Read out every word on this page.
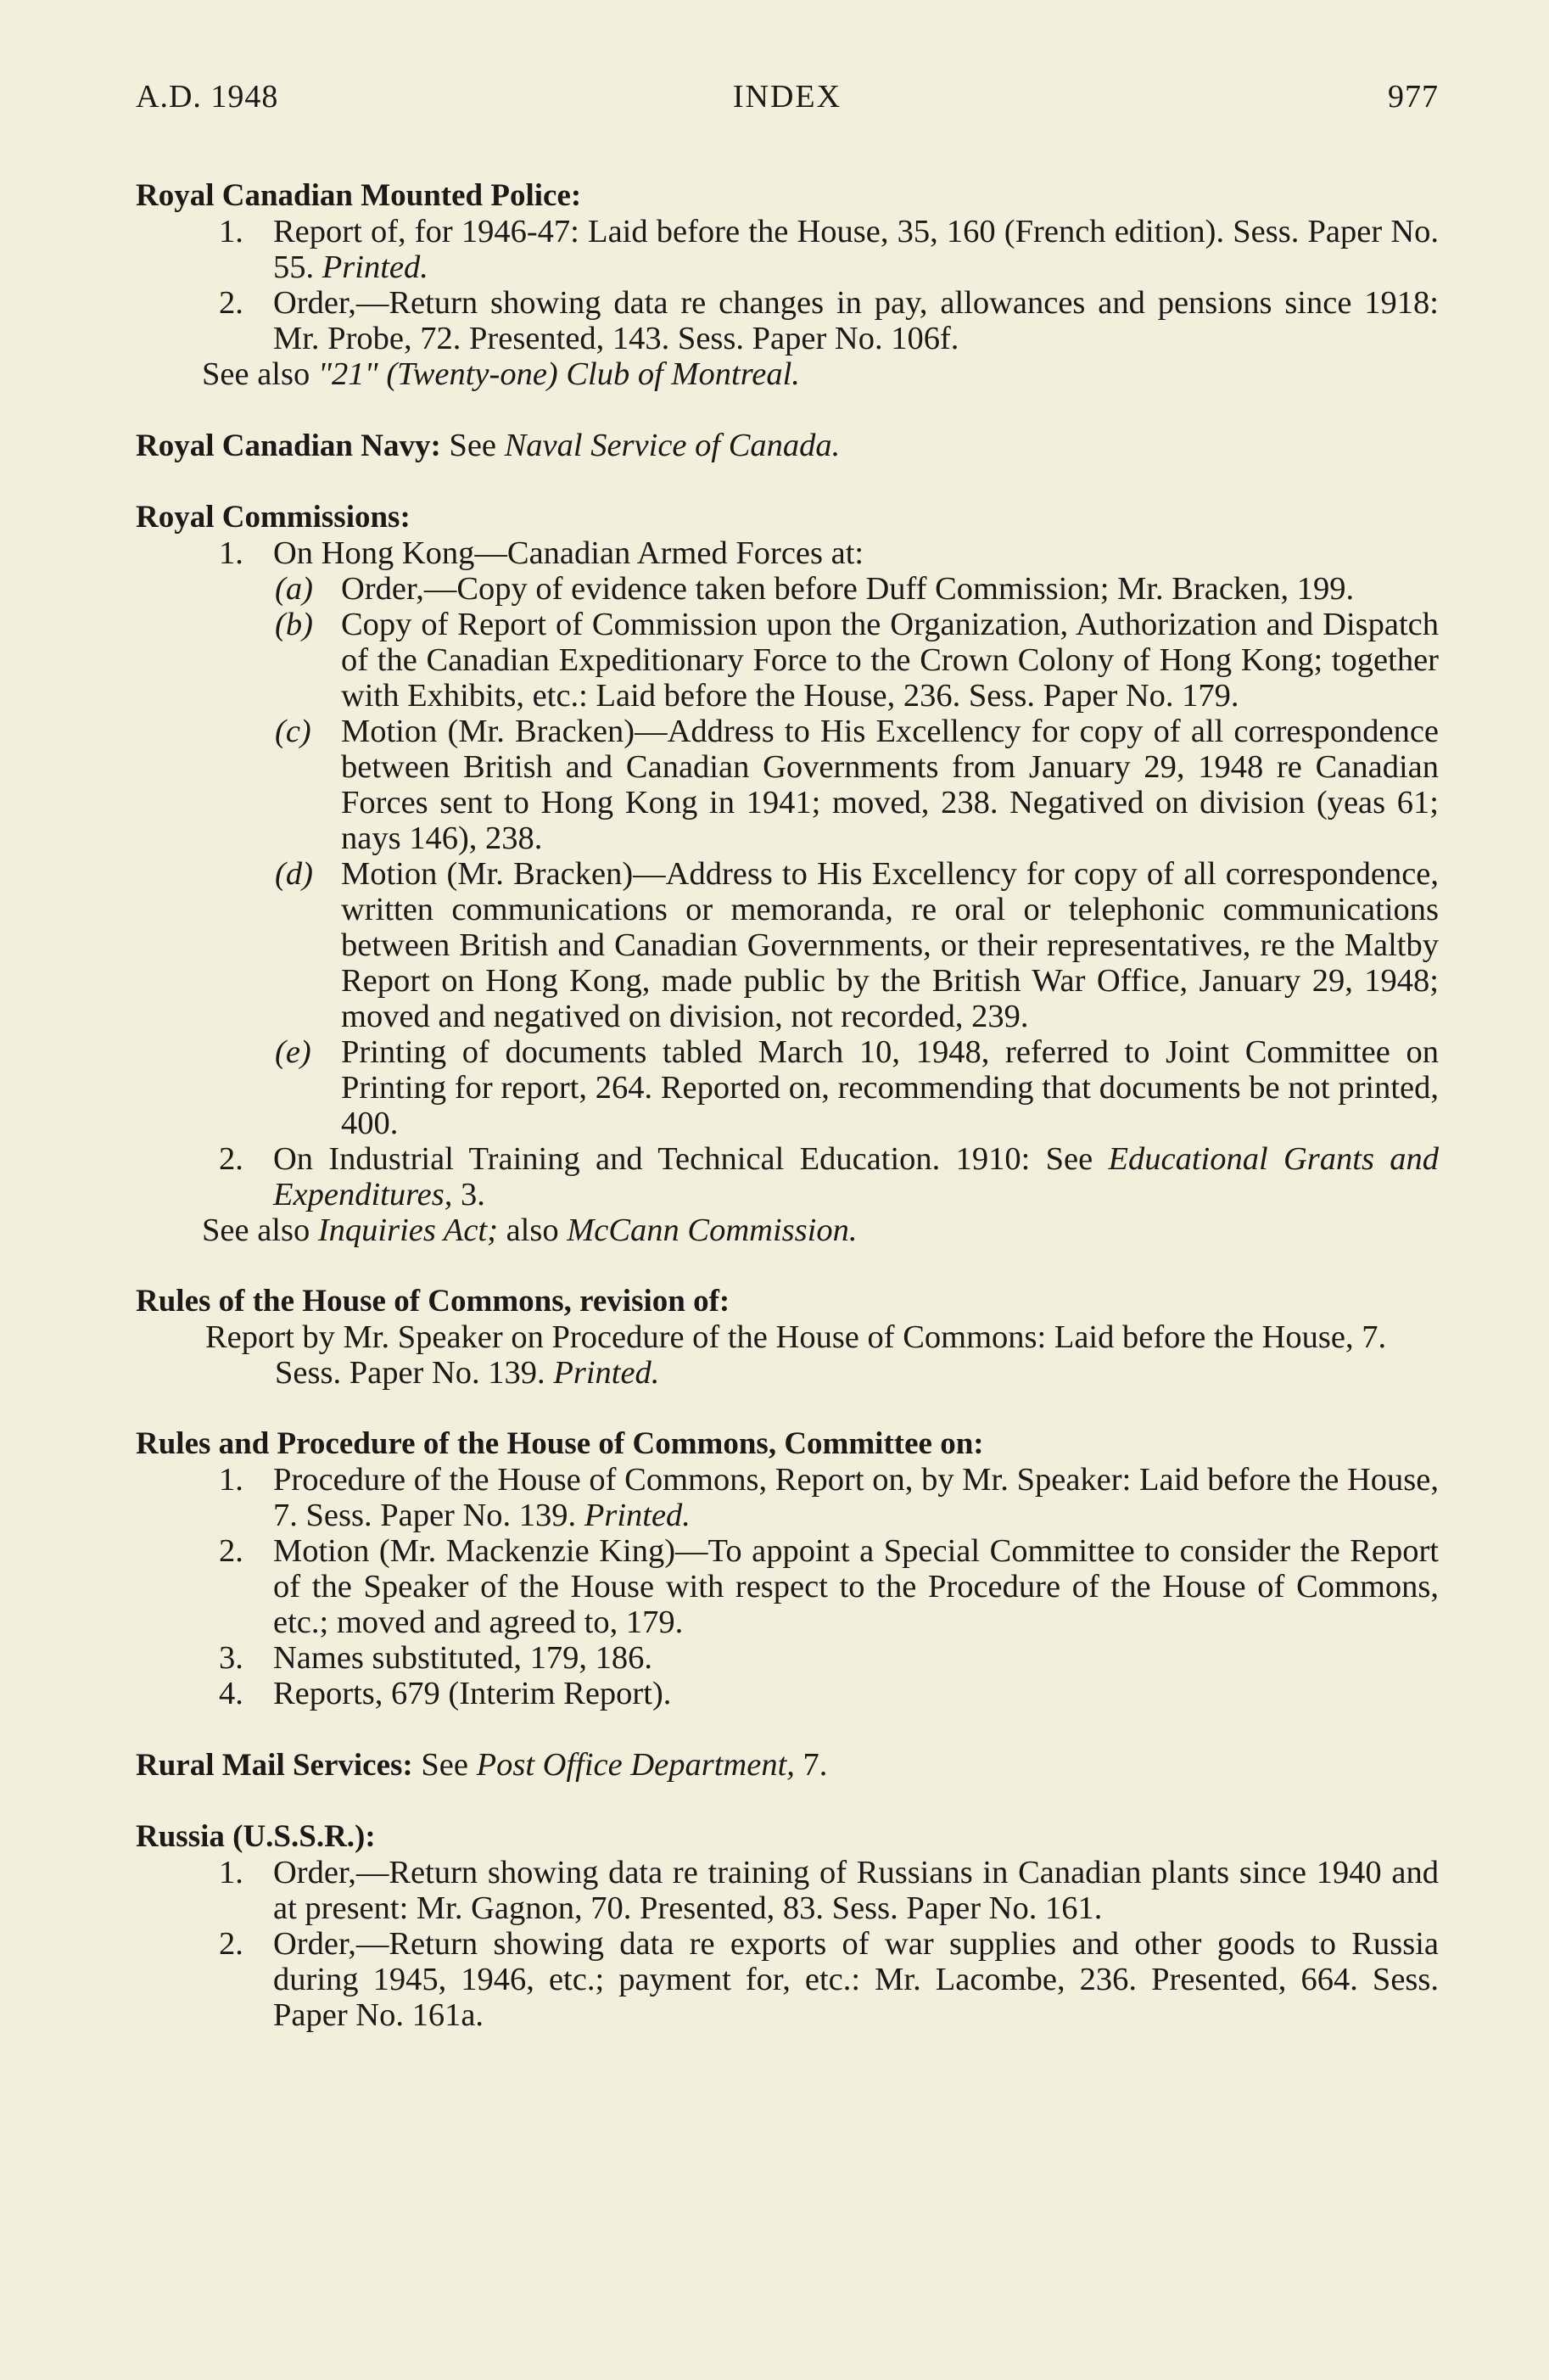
A.D. 1948	INDEX	977
Royal Canadian Mounted Police:
1. Report of, for 1946-47: Laid before the House, 35, 160 (French edition). Sess. Paper No. 55. Printed.
2. Order,—Return showing data re changes in pay, allowances and pensions since 1918: Mr. Probe, 72. Presented, 143. Sess. Paper No. 106f.
See also "21" (Twenty-one) Club of Montreal.
Royal Canadian Navy: See Naval Service of Canada.
Royal Commissions:
1. On Hong Kong—Canadian Armed Forces at:
(a) Order,—Copy of evidence taken before Duff Commission; Mr. Bracken, 199.
(b) Copy of Report of Commission upon the Organization, Authorization and Dispatch of the Canadian Expeditionary Force to the Crown Colony of Hong Kong; together with Exhibits, etc.: Laid before the House, 236. Sess. Paper No. 179.
(c) Motion (Mr. Bracken)—Address to His Excellency for copy of all correspondence between British and Canadian Governments from January 29, 1948 re Canadian Forces sent to Hong Kong in 1941; moved, 238. Negatived on division (yeas 61; nays 146), 238.
(d) Motion (Mr. Bracken)—Address to His Excellency for copy of all correspondence, written communications or memoranda, re oral or telephonic communications between British and Canadian Governments, or their representatives, re the Maltby Report on Hong Kong, made public by the British War Office, January 29, 1948; moved and negatived on division, not recorded, 239.
(e) Printing of documents tabled March 10, 1948, referred to Joint Committee on Printing for report, 264. Reported on, recommending that documents be not printed, 400.
2. On Industrial Training and Technical Education. 1910: See Educational Grants and Expenditures, 3.
See also Inquiries Act; also McCann Commission.
Rules of the House of Commons, revision of:
Report by Mr. Speaker on Procedure of the House of Commons: Laid before the House, 7. Sess. Paper No. 139. Printed.
Rules and Procedure of the House of Commons, Committee on:
1. Procedure of the House of Commons, Report on, by Mr. Speaker: Laid before the House, 7. Sess. Paper No. 139. Printed.
2. Motion (Mr. Mackenzie King)—To appoint a Special Committee to consider the Report of the Speaker of the House with respect to the Procedure of the House of Commons, etc.; moved and agreed to, 179.
3. Names substituted, 179, 186.
4. Reports, 679 (Interim Report).
Rural Mail Services: See Post Office Department, 7.
Russia (U.S.S.R.):
1. Order,—Return showing data re training of Russians in Canadian plants since 1940 and at present: Mr. Gagnon, 70. Presented, 83. Sess. Paper No. 161.
2. Order,—Return showing data re exports of war supplies and other goods to Russia during 1945, 1946, etc.; payment for, etc.: Mr. Lacombe, 236. Presented, 664. Sess. Paper No. 161a.
